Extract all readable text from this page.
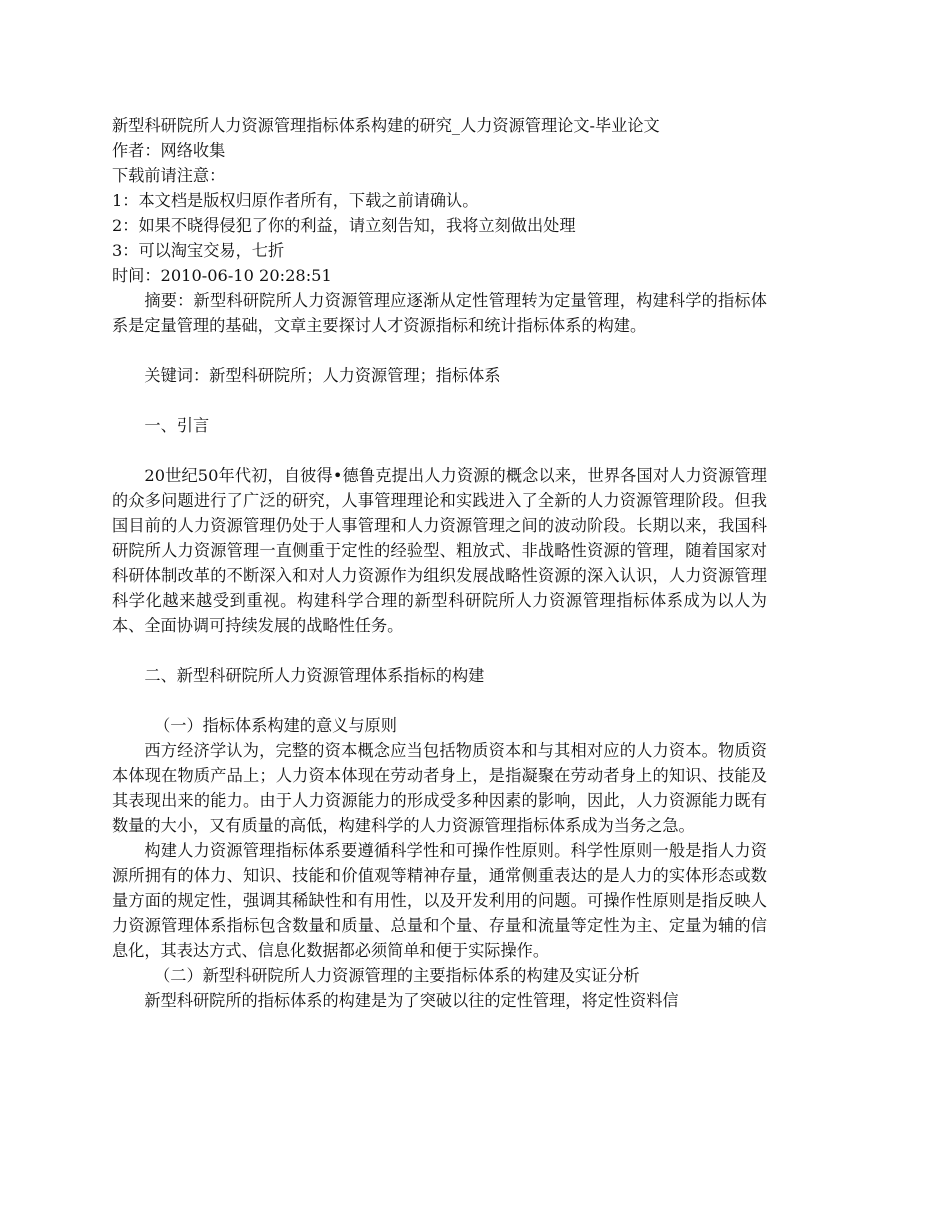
新型科研院所人力资源管理指标体系构建的研究_人力资源管理论文-毕业论文

作者：网络收集

下载前请注意：

1：本文档是版权归原作者所有，下载之前请确认。

2：如果不晓得侵犯了你的利益，请立刻告知，我将立刻做出处理

3：可以淘宝交易，七折

时间：2010-06-10 20:28:51

摘要：新型科研院所人力资源管理应逐渐从定性管理转为定量管理，构建科学的指标体系是定量管理的基础，文章主要探讨人才资源指标和统计指标体系的构建。

关键词：新型科研院所；人力资源管理；指标体系

一、引言

20世纪50年代初，自彼得•德鲁克提出人力资源的概念以来，世界各国对人力资源管理的众多问题进行了广泛的研究，人事管理理论和实践进入了全新的人力资源管理阶段。但我国目前的人力资源管理仍处于人事管理和人力资源管理之间的波动阶段。长期以来，我国科研院所人力资源管理一直侧重于定性的经验型、粗放式、非战略性资源的管理，随着国家对科研体制改革的不断深入和对人力资源作为组织发展战略性资源的深入认识，人力资源管理科学化越来越受到重视。构建科学合理的新型科研院所人力资源管理指标体系成为以人为本、全面协调可持续发展的战略性任务。

二、新型科研院所人力资源管理体系指标的构建

（一）指标体系构建的意义与原则

西方经济学认为，完整的资本概念应当包括物质资本和与其相对应的人力资本。物质资本体现在物质产品上；人力资本体现在劳动者身上，是指凝聚在劳动者身上的知识、技能及其表现出来的能力。由于人力资源能力的形成受多种因素的影响，因此，人力资源能力既有数量的大小，又有质量的高低，构建科学的人力资源管理指标体系成为当务之急。

构建人力资源管理指标体系要遵循科学性和可操作性原则。科学性原则一般是指人力资源所拥有的体力、知识、技能和价值观等精神存量，通常侧重表达的是人力的实体形态或数量方面的规定性，强调其稀缺性和有用性，以及开发利用的问题。可操作性原则是指反映人力资源管理体系指标包含数量和质量、总量和个量、存量和流量等定性为主、定量为辅的信息化，其表达方式、信息化数据都必须简单和便于实际操作。

（二）新型科研院所人力资源管理的主要指标体系的构建及实证分析

新型科研院所的指标体系的构建是为了突破以往的定性管理，将定性资料信
